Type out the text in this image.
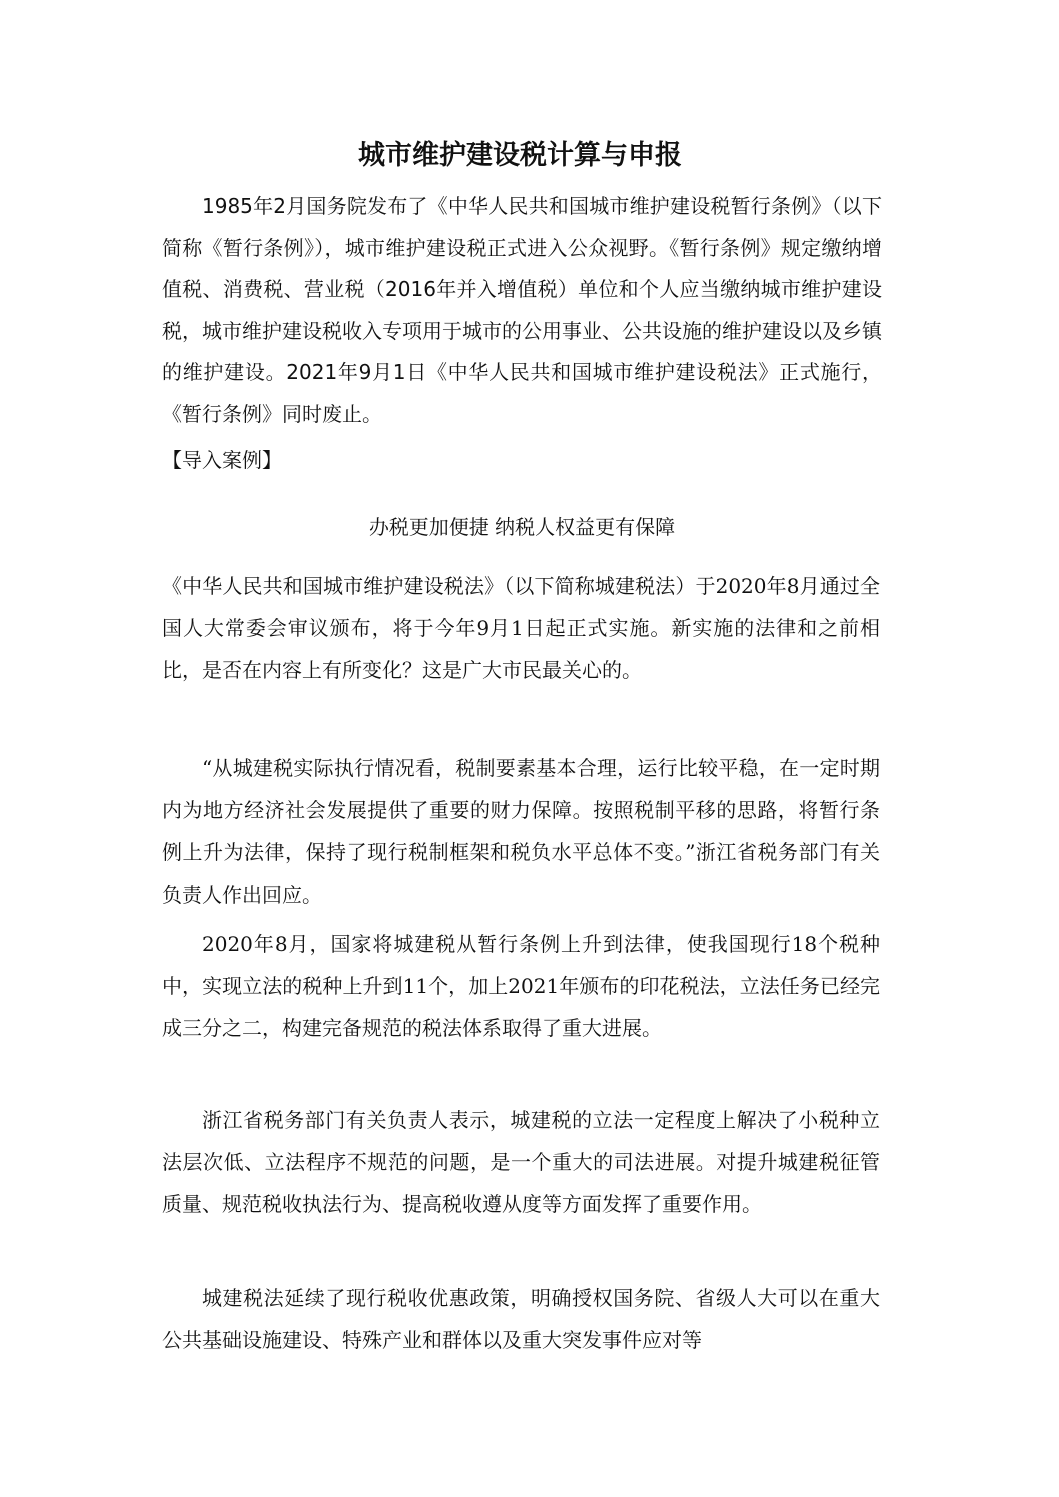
城市维护建设税计算与申报

1985年2月国务院发布了《中华人民共和国城市维护建设税暂行条例》（以下简称《暂行条例》），城市维护建设税正式进入公众视野。《暂行条例》规定缴纳增值税、消费税、营业税（2016年并入增值税）单位和个人应当缴纳城市维护建设税，城市维护建设税收入专项用于城市的公用事业、公共设施的维护建设以及乡镇的维护建设。2021年9月1日《中华人民共和国城市维护建设税法》正式施行，《暂行条例》同时废止。

【导入案例】

办税更加便捷 纳税人权益更有保障

《中华人民共和国城市维护建设税法》（以下简称城建税法）于2020年8月通过全国人大常委会审议颁布，将于今年9月1日起正式实施。新实施的法律和之前相比，是否在内容上有所变化？这是广大市民最关心的。

“从城建税实际执行情况看，税制要素基本合理，运行比较平稳，在一定时期内为地方经济社会发展提供了重要的财力保障。按照税制平移的思路，将暂行条例上升为法律，保持了现行税制框架和税负水平总体不变。”浙江省税务部门有关负责人作出回应。

2020年8月，国家将城建税从暂行条例上升到法律，使我国现行18个税种中，实现立法的税种上升到11个，加上2021年颁布的印花税法，立法任务已经完成三分之二，构建完备规范的税法体系取得了重大进展。

浙江省税务部门有关负责人表示，城建税的立法一定程度上解决了小税种立法层次低、立法程序不规范的问题，是一个重大的司法进展。对提升城建税征管质量、规范税收执法行为、提高税收遵从度等方面发挥了重要作用。

城建税法延续了现行税收优惠政策，明确授权国务院、省级人大可以在重大公共基础设施建设、特殊产业和群体以及重大突发事件应对等
